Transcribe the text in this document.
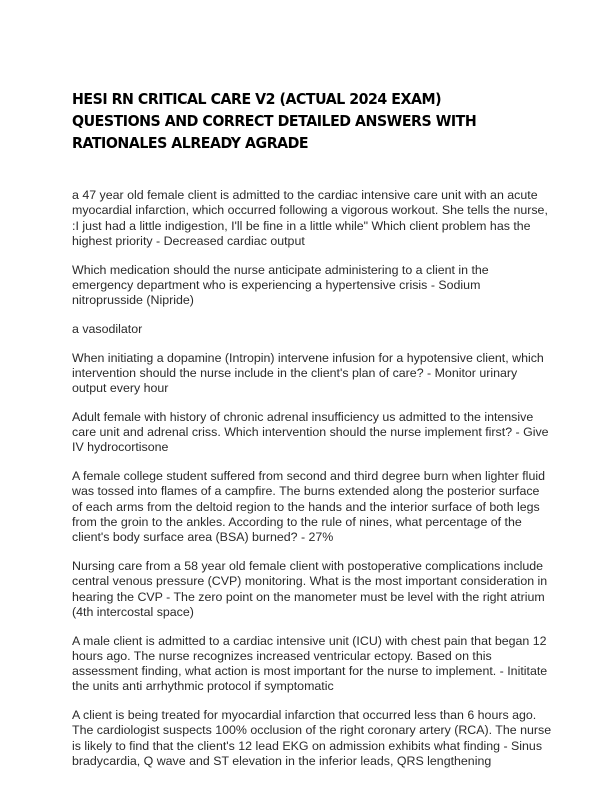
HESI RN CRITICAL CARE V2 (ACTUAL 2024 EXAM) QUESTIONS AND CORRECT DETAILED ANSWERS WITH RATIONALES ALREADY AGRADE

a 47 year old female client is admitted to the cardiac intensive care unit with an acute myocardial infarction, which occurred following a vigorous workout. She tells the nurse, :I just had a little indigestion, I'll be fine in a little while" Which client problem has the highest priority - Decreased cardiac output

Which medication should the nurse anticipate administering to a client in the emergency department who is experiencing a hypertensive crisis - Sodium nitroprusside (Nipride)

a vasodilator

When initiating a dopamine (Intropin) intervene infusion for a hypotensive client, which intervention should the nurse include in the client's plan of care? - Monitor urinary output every hour

Adult female with history of chronic adrenal insufficiency us admitted to the intensive care unit and adrenal criss. Which intervention should the nurse implement first? - Give IV hydrocortisone

A female college student suffered from second and third degree burn when lighter fluid was tossed into flames of a campfire. The burns extended along the posterior surface of each arms from the deltoid region to the hands and the interior surface of both legs from the groin to the ankles. According to the rule of nines, what percentage of the client's body surface area (BSA) burned? - 27%

Nursing care from a 58 year old female client with postoperative complications include central venous pressure (CVP) monitoring. What is the most important consideration in hearing the CVP - The zero point on the manometer must be level with the right atrium (4th intercostal space)

A male client is admitted to a cardiac intensive unit (ICU) with chest pain that began 12 hours ago. The nurse recognizes increased ventricular ectopy. Based on this assessment finding, what action is most important for the nurse to implement. - Inititate the units anti arrhythmic protocol if symptomatic

A client is being treated for myocardial infarction that occurred less than 6 hours ago. The cardiologist suspects 100% occlusion of the right coronary artery (RCA). The nurse is likely to find that the client's 12 lead EKG on admission exhibits what finding - Sinus bradycardia, Q wave and ST elevation in the inferior leads, QRS lengthening
